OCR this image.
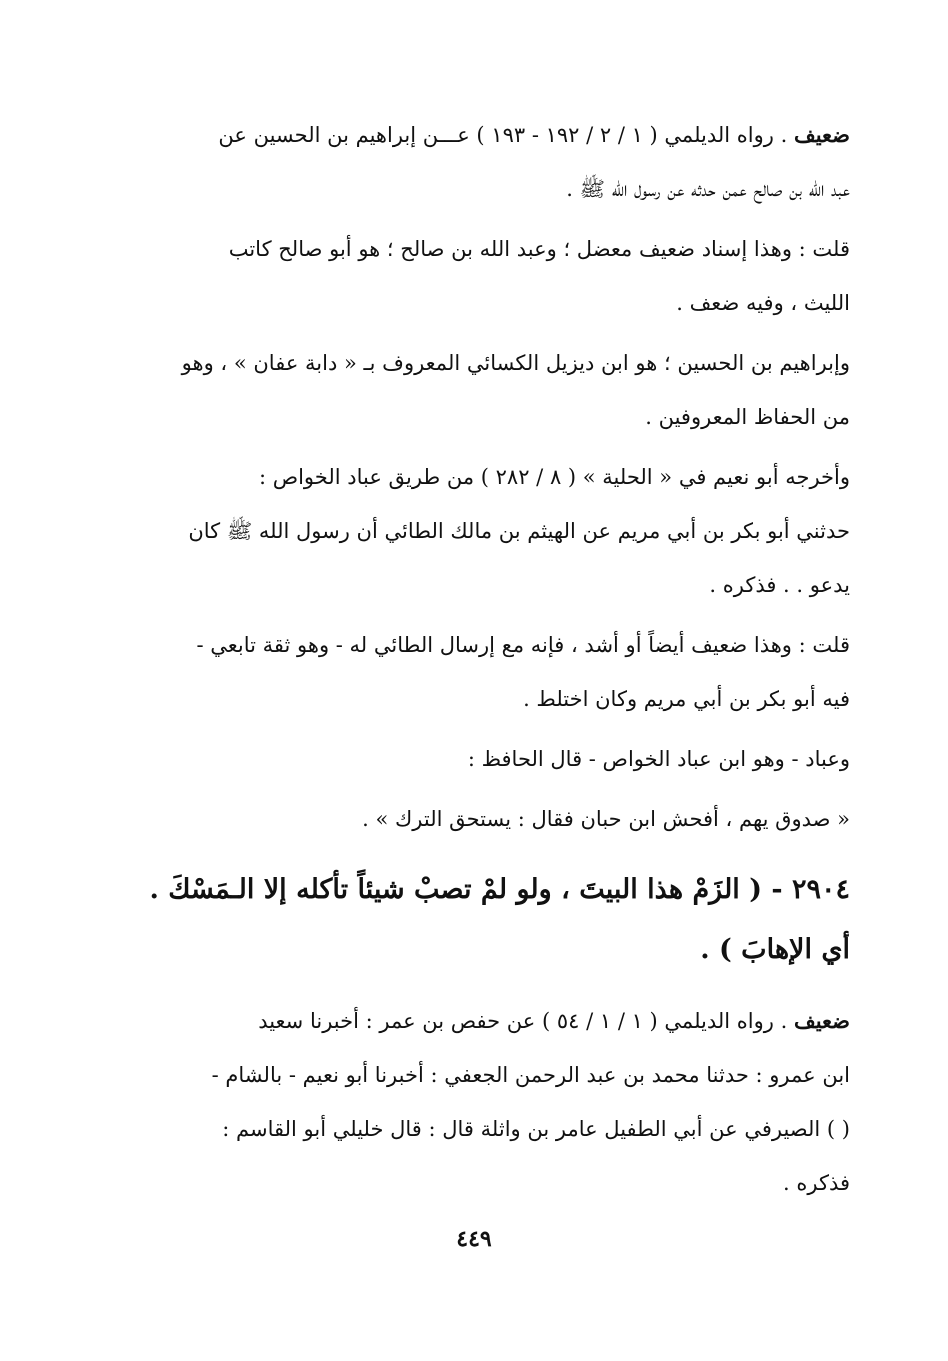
ضعيف . رواه الديلمي ( ١ / ٢ / ١٩٢ - ١٩٣ ) عـــن إبراهيم بن الحسين عن
عبد الله بن صالح عمن حدثه عن رسول الله ﷺ .
قلت : وهذا إسناد ضعيف معضل ؛ وعبد الله بن صالح ؛ هو أبو صالح كاتب
الليث ، وفيه ضعف .
وإبراهيم بن الحسين ؛ هو ابن ديزيل الكسائي المعروف بـ « دابة عفان » ، وهو
من الحفاظ المعروفين .
وأخرجه أبو نعيم في « الحلية » ( ٨ / ٢٨٢ ) من طريق عباد الخواص :
حدثني أبو بكر بن أبي مريم عن الهيثم بن مالك الطائي أن رسول الله ﷺ كان
يدعو . . فذكره .
قلت : وهذا ضعيف أيضاً أو أشد ، فإنه مع إرسال الطائي له - وهو ثقة تابعي -
فيه أبو بكر بن أبي مريم وكان اختلط .
وعباد - وهو ابن عباد الخواص - قال الحافظ :
« صدوق يهم ، أفحش ابن حبان فقال : يستحق الترك » .
٢٩٠٤ - ( الزَمْ هذا البيتَ ، ولو لمْ تصبْ شيئاً تأكله إلا الـمَسْكَ .
أي الإهابَ ) .
ضعيف . رواه الديلمي ( ١ / ١ / ٥٤ ) عن حفص بن عمر : أخبرنا سعيد
ابن عمرو : حدثنا محمد بن عبد الرحمن الجعفي : أخبرنا أبو نعيم - بالشام -
( ) الصيرفي عن أبي الطفيل عامر بن واثلة قال : قال خليلي أبو القاسم :
فذكره .
٤٤٩
